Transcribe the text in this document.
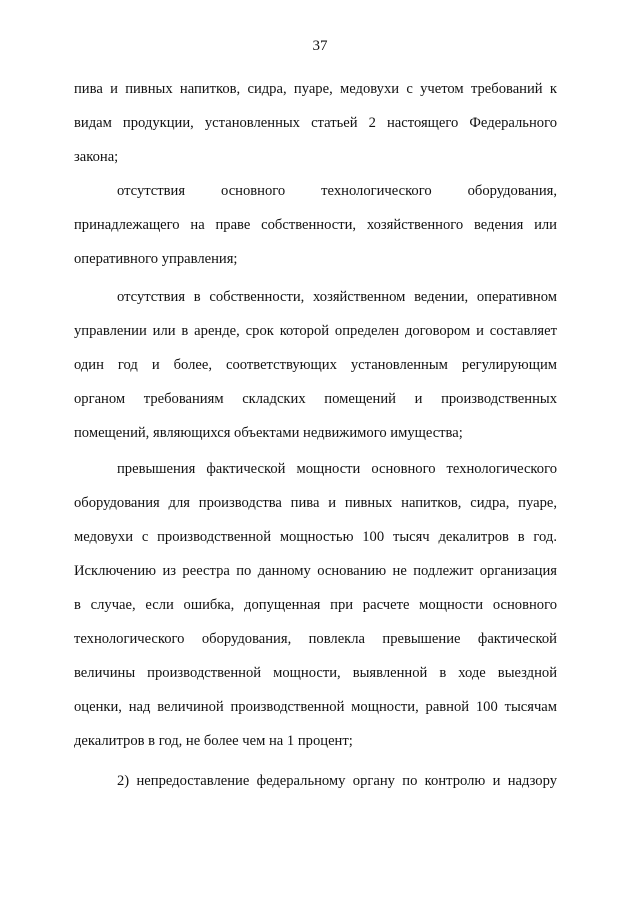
37
пива и пивных напитков, сидра, пуаре, медовухи с учетом требований к
видам продукции, установленных статьей 2 настоящего Федерального
закона;
отсутствия основного технологического оборудования,
принадлежащего на праве собственности, хозяйственного ведения или
оперативного управления;
отсутствия в собственности, хозяйственном ведении, оперативном
управлении или в аренде, срок которой определен договором и составляет
один год и более, соответствующих установленным регулирующим
органом требованиям складских помещений и производственных
помещений, являющихся объектами недвижимого имущества;
превышения фактической мощности основного технологического
оборудования для производства пива и пивных напитков, сидра, пуаре,
медовухи с производственной мощностью 100 тысяч декалитров в год.
Исключению из реестра по данному основанию не подлежит организация
в случае, если ошибка, допущенная при расчете мощности основного
технологического оборудования, повлекла превышение фактической
величины производственной мощности, выявленной в ходе выездной
оценки, над величиной производственной мощности, равной 100 тысячам
декалитров в год, не более чем на 1 процент;
2) непредоставление федеральному органу по контролю и надзору
